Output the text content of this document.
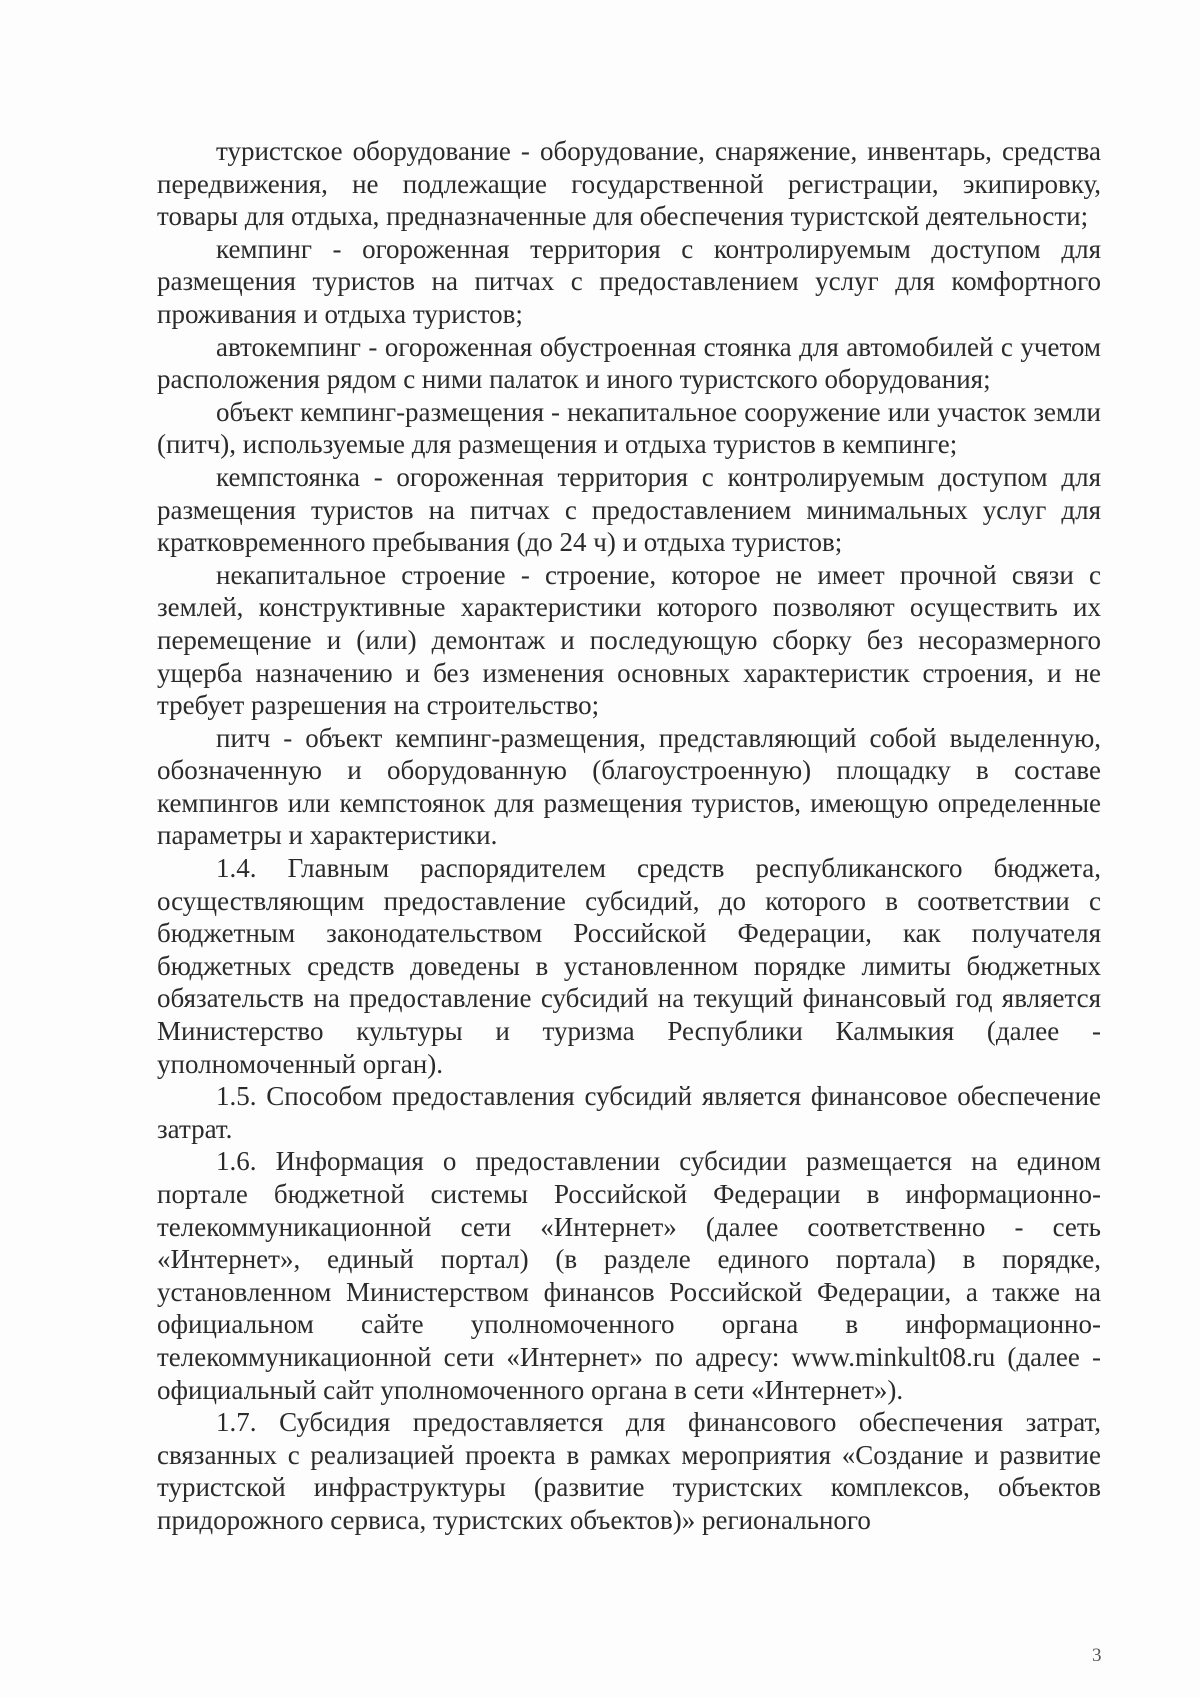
туристское оборудование - оборудование, снаряжение, инвентарь, средства передвижения, не подлежащие государственной регистрации, экипировку, товары для отдыха, предназначенные для обеспечения туристской деятельности;

кемпинг - огороженная территория с контролируемым доступом для размещения туристов на питчах с предоставлением услуг для комфортного проживания и отдыха туристов;

автокемпинг - огороженная обустроенная стоянка для автомобилей с учетом расположения рядом с ними палаток и иного туристского оборудования;

объект кемпинг-размещения - некапитальное сооружение или участок земли (питч), используемые для размещения и отдыха туристов в кемпинге;

кемпстоянка - огороженная территория с контролируемым доступом для размещения туристов на питчах с предоставлением минимальных услуг для кратковременного пребывания (до 24 ч) и отдыха туристов;

некапитальное строение - строение, которое не имеет прочной связи с землей, конструктивные характеристики которого позволяют осуществить их перемещение и (или) демонтаж и последующую сборку без несоразмерного ущерба назначению и без изменения основных характеристик строения, и не требует разрешения на строительство;

питч - объект кемпинг-размещения, представляющий собой выделенную, обозначенную и оборудованную (благоустроенную) площадку в составе кемпингов или кемпстоянок для размещения туристов, имеющую определенные параметры и характеристики.

1.4. Главным распорядителем средств республиканского бюджета, осуществляющим предоставление субсидий, до которого в соответствии с бюджетным законодательством Российской Федерации, как получателя бюджетных средств доведены в установленном порядке лимиты бюджетных обязательств на предоставление субсидий на текущий финансовый год является Министерство культуры и туризма Республики Калмыкия (далее - уполномоченный орган).

1.5. Способом предоставления субсидий является финансовое обеспечение затрат.

1.6. Информация о предоставлении субсидии размещается на едином портале бюджетной системы Российской Федерации в информационно-телекоммуникационной сети «Интернет» (далее соответственно - сеть «Интернет», единый портал) (в разделе единого портала) в порядке, установленном Министерством финансов Российской Федерации, а также на официальном сайте уполномоченного органа в информационно-телекоммуникационной сети «Интернет» по адресу: www.minkult08.ru (далее - официальный сайт уполномоченного органа в сети «Интернет»).

1.7. Субсидия предоставляется для финансового обеспечения затрат, связанных с реализацией проекта в рамках мероприятия «Создание и развитие туристской инфраструктуры (развитие туристских комплексов, объектов придорожного сервиса, туристских объектов)» регионального

3
